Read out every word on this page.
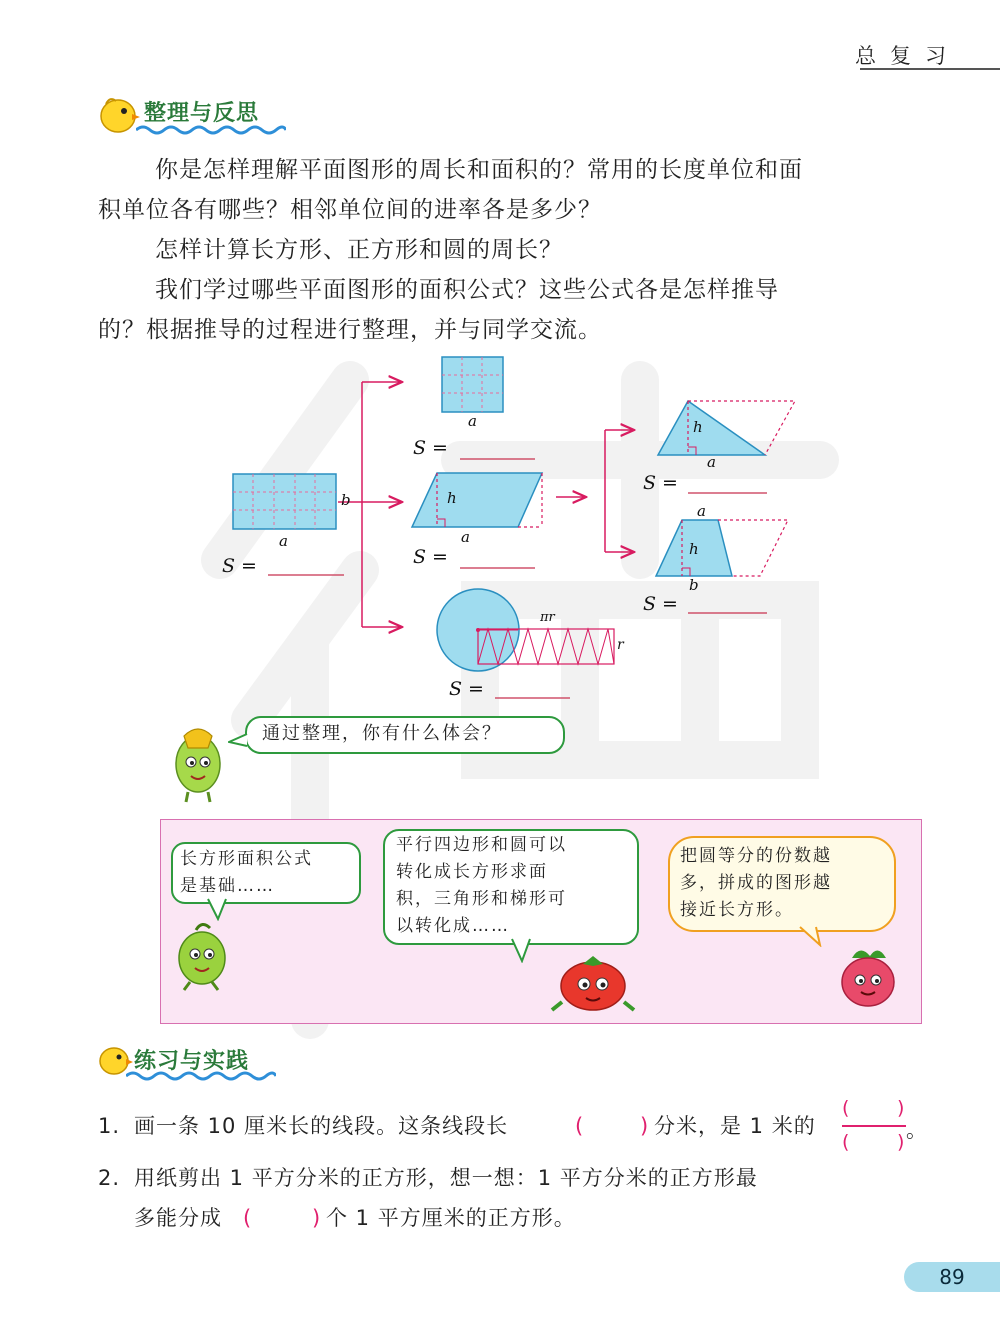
总复习
整理与反思
你是怎样理解平面图形的周长和面积的？常用的长度单位和面
积单位各有哪些？相邻单位间的进率各是多少？
怎样计算长方形、正方形和圆的周长？
我们学过哪些平面图形的面积公式？这些公式各是怎样推导
的？根据推导的过程进行整理，并与同学交流。
a
b
S =
a
S =
h
a
S =
h
a
S =
a
h
b
S =
πr
r
S =
通过整理，你有什么体会？
长方形面积公式
是基础……
平行四边形和圆可以
转化成长方形求面
积，三角形和梯形可
以转化成……
把圆等分的份数越
多，拼成的图形越
接近长方形。
练习与实践
1. 画一条 10 厘米长的线段。这条线段长	(	) 分米，是 1 米的
( )
( ) 。
2. 用纸剪出 1 平方分米的正方形，想一想：1 平方分米的正方形最
多能分成 (	) 个 1 平方厘米的正方形。
89
